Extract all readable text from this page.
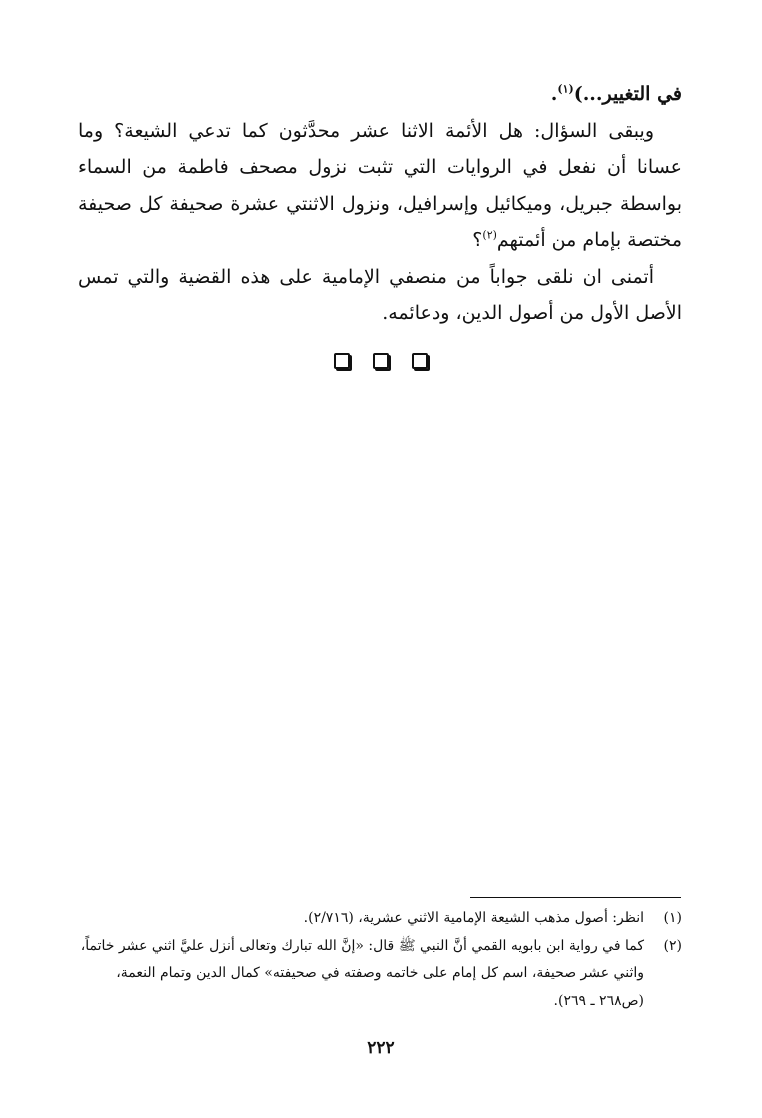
في التغيير...)$^{(١)}$.

ويبقى السؤال: هل الأئمة الاثنا عشر محدَّثون كما تدعي الشيعة؟ وما عسانا أن نفعل في الروايات التي تثبت نزول مصحف فاطمة من السماء بواسطة جبريل، وميكائيل وإسرافيل، ونزول الاثنتي عشرة صحيفة كل صحيفة مختصة بإمام من أئمتهم$^{(٢)}$؟

أتمنى ان نلقى جواباً من منصفي الإمامية على هذه القضية والتي تمس الأصل الأول من أصول الدين، ودعائمه.

(١)
انظر: أصول مذهب الشيعة الإمامية الاثني عشرية، (٢/٧١٦).
(٢)
كما في رواية ابن بابويه القمي أنَّ النبي ﷺ قال: «إنَّ الله تبارك وتعالى أنزل عليَّ اثني عشر خاتماً، واثني عشر صحيفة، اسم كل إمام على خاتمه وصفته في صحيفته» كمال الدين وتمام النعمة، (ص٢٦٨ ـ ٢٦٩).
٢٢٢
